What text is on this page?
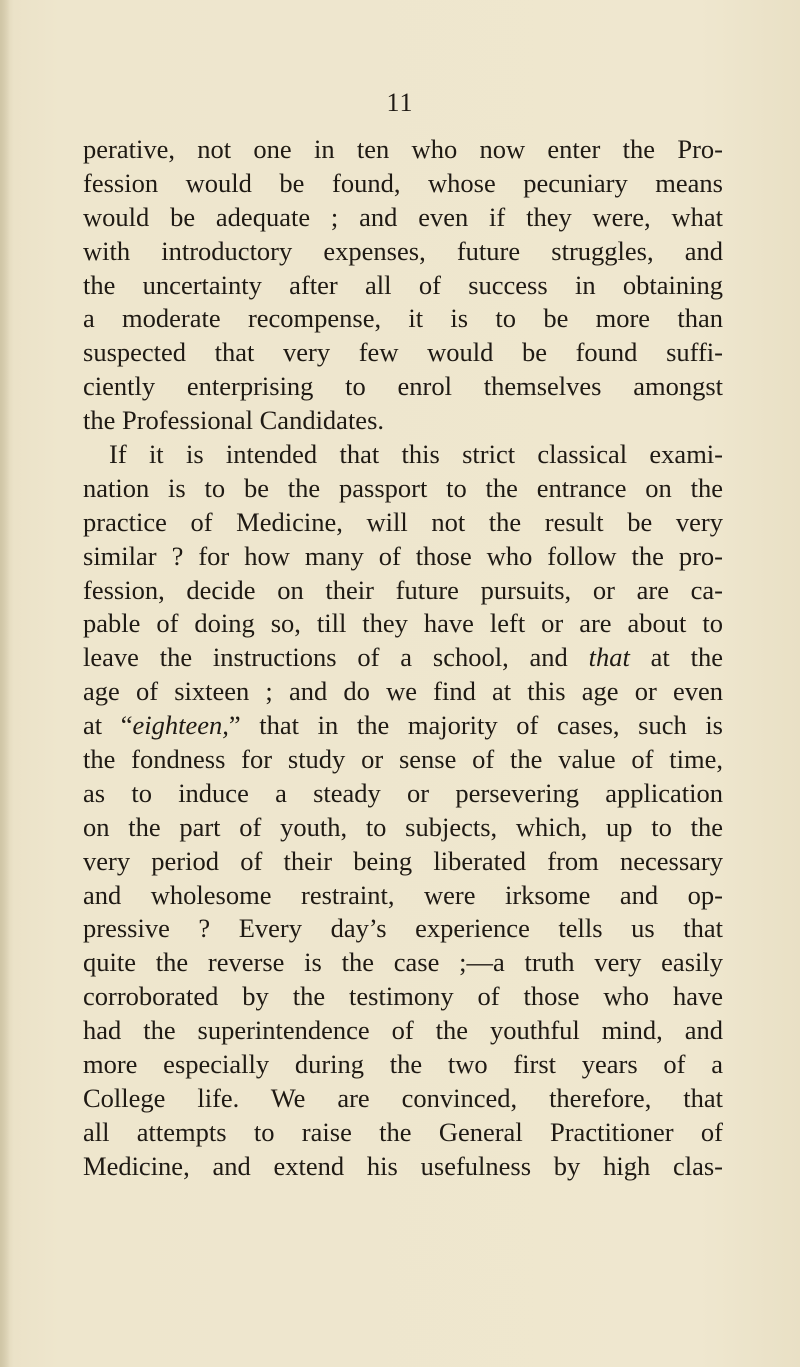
11
perative, not one in ten who now enter the Pro-
fession would be found, whose pecuniary means
would be adequate ; and even if they were, what
with introductory expenses, future struggles, and
the uncertainty after all of success in obtaining
a moderate recompense, it is to be more than
suspected that very few would be found suffi-
ciently enterprising to enrol themselves amongst
the Professional Candidates.
If it is intended that this strict classical exami-
nation is to be the passport to the entrance on the
practice of Medicine, will not the result be very
similar ? for how many of those who follow the pro-
fession, decide on their future pursuits, or are ca-
pable of doing so, till they have left or are about to
leave the instructions of a school, and that at the
age of sixteen ; and do we find at this age or even
at “eighteen,” that in the majority of cases, such is
the fondness for study or sense of the value of time,
as to induce a steady or persevering application
on the part of youth, to subjects, which, up to the
very period of their being liberated from necessary
and wholesome restraint, were irksome and op-
pressive ? Every day’s experience tells us that
quite the reverse is the case ;—a truth very easily
corroborated by the testimony of those who have
had the superintendence of the youthful mind, and
more especially during the two first years of a
College life. We are convinced, therefore, that
all attempts to raise the General Practitioner of
Medicine, and extend his usefulness by high clas-
